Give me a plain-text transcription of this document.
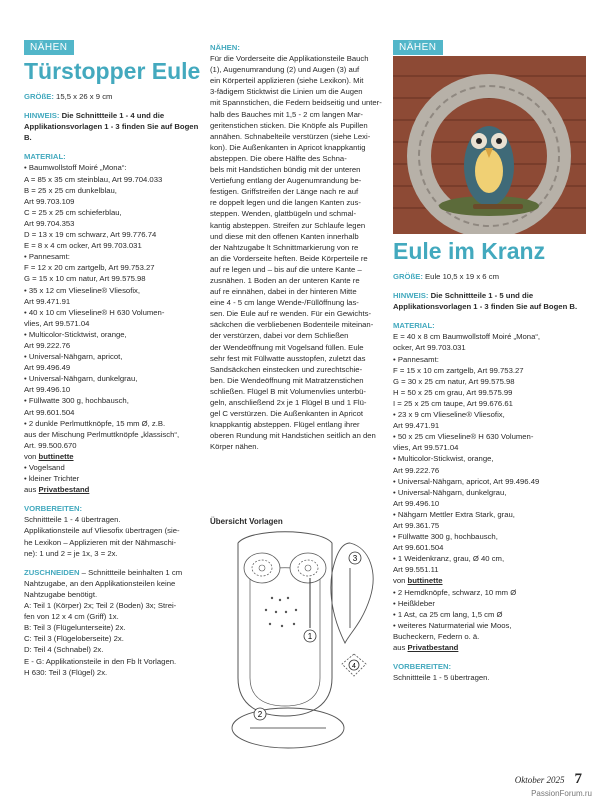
NÄHEN
Türstopper Eule

GRÖßE: 15,5 x 26 x 9 cm

HINWEIS: Die Schnittteile 1 - 4 und die Applikationsvorlagen 1 - 3 finden Sie auf Bogen B.

MATERIAL:

• Baumwollstoff Moiré „Mona“:

A = 85 x 35 cm steinblau, Art 99.704.033

B = 25 x 25 cm dunkelblau,

Art 99.703.109

C = 25 x 25 cm schieferblau,

Art 99.704.353

D = 13 x 19 cm schwarz, Art 99.776.74

E = 8 x 4 cm ocker, Art 99.703.031

• Pannesamt:

F = 12 x 20 cm zartgelb, Art 99.753.27

G = 15 x 10 cm natur, Art 99.575.98

• 35 x 12 cm Vlieseline® Vliesofix,

Art 99.471.91

• 40 x 10 cm Vlieseline® H 630 Volumen-

vlies, Art 99.571.04

• Multicolor-Sticktwist, orange,

Art 99.222.76

• Universal-Nähgarn, apricot,

Art 99.496.49

• Universal-Nähgarn, dunkelgrau,

Art 99.496.10

• Füllwatte 300 g, hochbausch,

Art 99.601.504

• 2 dunkle Perlmuttknöpfe, 15 mm Ø, z.B.

aus der Mischung Perlmuttknöpfe „klassisch“,

Art. 99.500.670

von buttinette

• Vogelsand

• kleiner Trichter

aus Privatbestand

VORBEREITEN:

Schnittteile 1 - 4 übertragen.

Applikationsteile auf Vliesofix übertragen (sie-

he Lexikon – Applizieren mit der Nähmaschi-

ne): 1 und 2 = je 1x, 3 = 2x.

ZUSCHNEIDEN – Schnittteile beinhalten 1 cm

Nahtzugabe, an den Applikationsteilen keine Nahtzugabe benötigt.

A: Teil 1 (Körper) 2x; Teil 2 (Boden) 3x; Strei-

fen von 12 x 4 cm (Griff) 1x.

B: Teil 3 (Flügelunterseite) 2x.

C: Teil 3 (Flügeloberseite) 2x.

D: Teil 4 (Schnabel) 2x.

E - G: Applikationsteile in den Fb lt Vorlagen.

H 630: Teil 3 (Flügel) 2x.

NÄHEN:

Für die Vorderseite die Applikationsteile Bauch

(1), Augenumrandung (2) und Augen (3) auf

ein Körperteil applizieren (siehe Lexikon). Mit

3-fädigem Sticktwist die Linien um die Augen

mit Spannstichen, die Federn beidseitig und unter-

halb des Bauches mit 1,5 - 2 cm langen Mar-

geritenstichen sticken. Die Knöpfe als Pupillen

annähen. Schnabelteile verstürzen (siehe Lexi-

kon). Die Außenkanten in Apricot knappkantig

absteppen. Die obere Hälfte des Schna-

bels mit Handstichen bündig mit der unteren

Vertiefung entlang der Augenumrandung be-

festigen. Griffstreifen der Länge nach re auf

re doppelt legen und die langen Kanten zus-

steppen. Wenden, glattbügeln und schmal-

kantig absteppen. Streifen zur Schlaufe legen

und diese mit den offenen Kanten innerhalb

der Nahtzugabe lt Schnittmarkierung von re

an die Vorderseite heften. Beide Körperteile re

auf re legen und – bis auf die untere Kante –

zusnähen. 1 Boden an der unteren Kante re

auf re einnähen, dabei in der hinteren Mitte

eine 4 - 5 cm lange Wende-/Füllöffnung las-

sen. Die Eule auf re wenden. Für ein Gewichts-

säckchen die verbliebenen Bodenteile miteinan-

der verstürzen, dabei vor dem Schließen

der Wendeöffnung mit Vogelsand füllen. Eule

sehr fest mit Füllwatte ausstopfen, zuletzt das

Sandsäckchen einstecken und zurechtschie-

ben. Die Wendeöffnung mit Matratzenstichen

schließen. Flügel B mit Volumenvlies unterbü-

geln, anschließend 2x je 1 Flügel B und 1 Flü-

gel C verstürzen. Die Außenkanten in Apricot

knappkantig absteppen. Flügel entlang ihrer

oberen Rundung mit Handstichen seitlich an den

Körper nähen.

Übersicht Vorlagen
1
3
4
2
NÄHEN
Eule im Kranz

GRÖßE: Eule 10,5 x 19 x 6 cm

HINWEIS: Die Schnittteile 1 - 5 und die Applikationsvorlagen 1 - 3 finden Sie auf Bogen B.

MATERIAL:

E = 40 x 8 cm Baumwollstoff Moiré „Mona“,

ocker, Art 99.703.031

• Pannesamt:

F = 15 x 10 cm zartgelb, Art 99.753.27

G = 30 x 25 cm natur, Art 99.575.98

H = 50 x 25 cm grau, Art 99.575.99

I = 25 x 25 cm taupe, Art 99.676.61

• 23 x 9 cm Vlieseline® Vliesofix,

Art 99.471.91

• 50 x 25 cm Vlieseline® H 630 Volumen-

vlies, Art 99.571.04

• Multicolor-Stickwist, orange,

Art 99.222.76

• Universal-Nähgarn, apricot, Art 99.496.49

• Universal-Nähgarn, dunkelgrau,

Art 99.496.10

• Nähgarn Mettler Extra Stark, grau,

Art 99.361.75

• Füllwatte 300 g, hochbausch,

Art 99.601.504

• 1 Weidenkranz, grau, Ø 40 cm,

Art 99.551.11

von buttinette

• 2 Hemdknöpfe, schwarz, 10 mm Ø

• Heißkleber

• 1 Ast, ca 25 cm lang, 1,5 cm Ø

• weiteres Naturmaterial wie Moos,

Bucheckern, Federn o. ä.

aus Privatbestand

VORBEREITEN:

Schnittteile 1 - 5 übertragen.

Oktober 2025 7
PassionForum.ru
